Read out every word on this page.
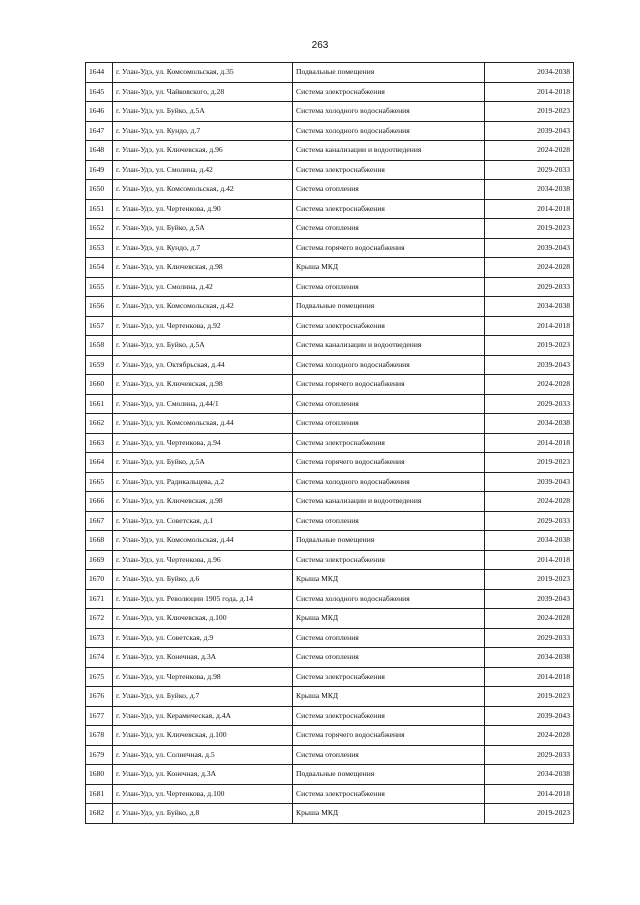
263
1644	г. Улан-Удэ, ул. Комсомольская, д.35	Подвальные помещения	2034-2038
1645	г. Улан-Удэ, ул. Чайковского, д.28	Система электроснабжения	2014-2018
1646	г. Улан-Удэ, ул. Буйко, д.5А	Система холодного водоснабжения	2019-2023
1647	г. Улан-Удэ, ул. Кундо, д.7	Система холодного водоснабжения	2039-2043
1648	г. Улан-Удэ, ул. Ключевская, д.96	Система канализации и водоотведения	2024-2028
1649	г. Улан-Удэ, ул. Смолина, д.42	Система электроснабжения	2029-2033
1650	г. Улан-Удэ, ул. Комсомольская, д.42	Система отопления	2034-2038
1651	г. Улан-Удэ, ул. Чертенкова, д.90	Система электроснабжения	2014-2018
1652	г. Улан-Удэ, ул. Буйко, д.5А	Система отопления	2019-2023
1653	г. Улан-Удэ, ул. Кундо, д.7	Система горячего водоснабжения	2039-2043
1654	г. Улан-Удэ, ул. Ключевская, д.98	Крыша МКД	2024-2028
1655	г. Улан-Удэ, ул. Смолина, д.42	Система отопления	2029-2033
1656	г. Улан-Удэ, ул. Комсомольская, д.42	Подвальные помещения	2034-2038
1657	г. Улан-Удэ, ул. Чертенкова, д.92	Система электроснабжения	2014-2018
1658	г. Улан-Удэ, ул. Буйко, д.5А	Система канализации и водоотведения	2019-2023
1659	г. Улан-Удэ, ул. Октябрьская, д.44	Система холодного водоснабжения	2039-2043
1660	г. Улан-Удэ, ул. Ключевская, д.98	Система горячего водоснабжения	2024-2028
1661	г. Улан-Удэ, ул. Смолина, д.44/1	Система отопления	2029-2033
1662	г. Улан-Удэ, ул. Комсомольская, д.44	Система отопления	2034-2038
1663	г. Улан-Удэ, ул. Чертенкова, д.94	Система электроснабжения	2014-2018
1664	г. Улан-Удэ, ул. Буйко, д.5А	Система горячего водоснабжения	2019-2023
1665	г. Улан-Удэ, ул. Радикальцева, д.2	Система холодного водоснабжения	2039-2043
1666	г. Улан-Удэ, ул. Ключевская, д.98	Система канализации и водоотведения	2024-2028
1667	г. Улан-Удэ, ул. Советская, д.1	Система отопления	2029-2033
1668	г. Улан-Удэ, ул. Комсомольская, д.44	Подвальные помещения	2034-2038
1669	г. Улан-Удэ, ул. Чертенкова, д.96	Система электроснабжения	2014-2018
1670	г. Улан-Удэ, ул. Буйко, д.6	Крыша МКД	2019-2023
1671	г. Улан-Удэ, ул. Революции 1905 года, д.14	Система холодного водоснабжения	2039-2043
1672	г. Улан-Удэ, ул. Ключевская, д.100	Крыша МКД	2024-2028
1673	г. Улан-Удэ, ул. Советская, д.9	Система отопления	2029-2033
1674	г. Улан-Удэ, ул. Конечная, д.3А	Система отопления	2034-2038
1675	г. Улан-Удэ, ул. Чертенкова, д.98	Система электроснабжения	2014-2018
1676	г. Улан-Удэ, ул. Буйко, д.7	Крыша МКД	2019-2023
1677	г. Улан-Удэ, ул. Керамическая, д.4А	Система электроснабжения	2039-2043
1678	г. Улан-Удэ, ул. Ключевская, д.100	Система горячего водоснабжения	2024-2028
1679	г. Улан-Удэ, ул. Солнечная, д.5	Система отопления	2029-2033
1680	г. Улан-Удэ, ул. Конечная, д.3А	Подвальные помещения	2034-2038
1681	г. Улан-Удэ, ул. Чертенкова, д.100	Система электроснабжения	2014-2018
1682	г. Улан-Удэ, ул. Буйко, д.8	Крыша МКД	2019-2023
